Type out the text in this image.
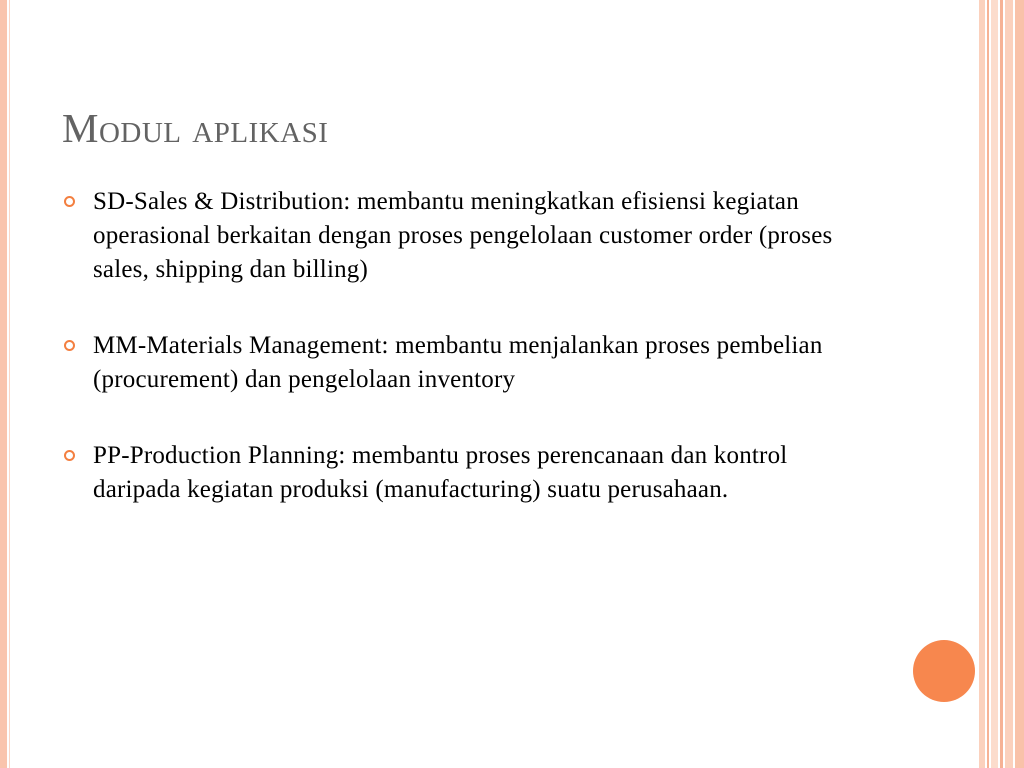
Modul aplikasi
SD-Sales & Distribution: membantu meningkatkan efisiensi kegiatan operasional berkaitan dengan proses pengelolaan customer order (proses sales, shipping dan billing)
MM-Materials Management: membantu menjalankan proses pembelian (procurement) dan pengelolaan inventory
PP-Production Planning: membantu proses perencanaan dan kontrol daripada kegiatan produksi (manufacturing) suatu perusahaan.
